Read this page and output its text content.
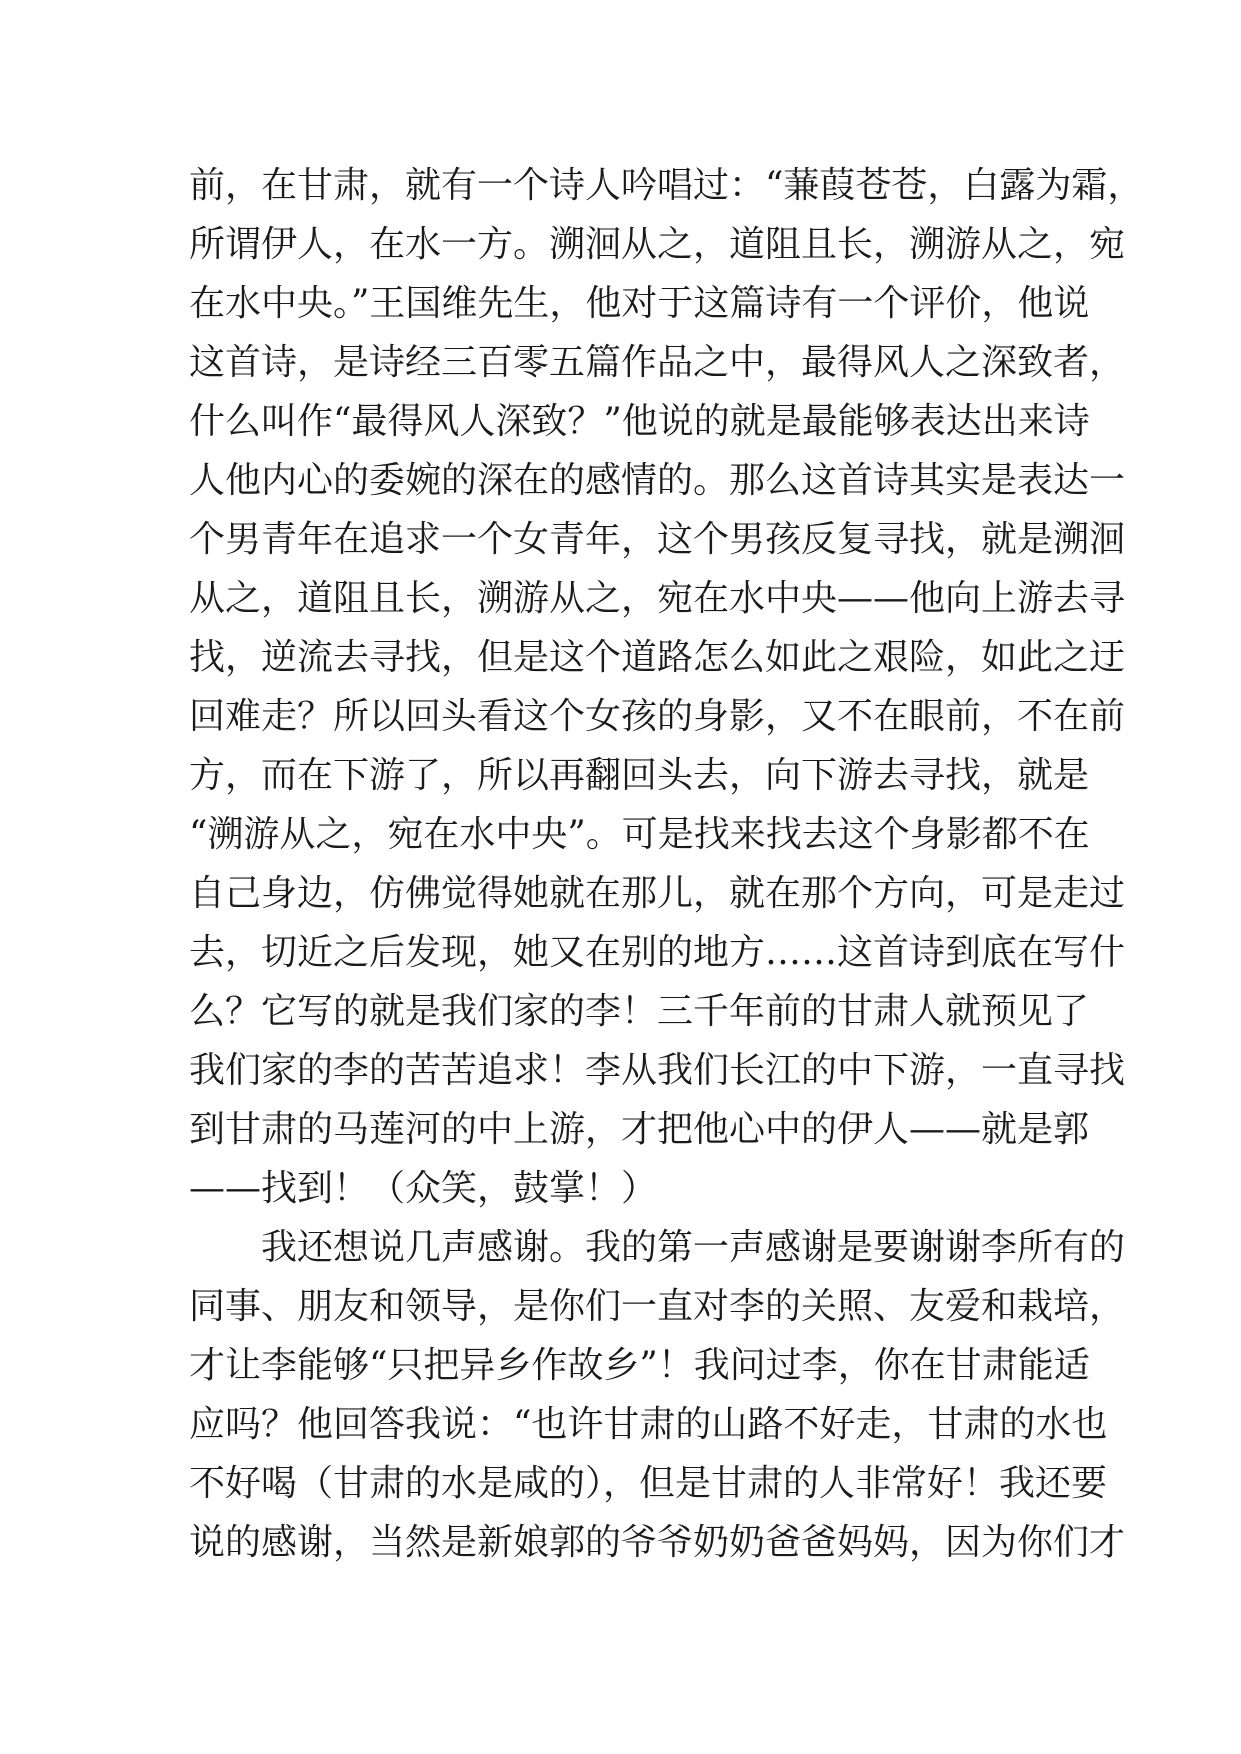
前，在甘肃，就有一个诗人吟唱过：“蒹葭苍苍，白露为霜，
所谓伊人，在水一方。溯洄从之，道阻且长，溯游从之，宛
在水中央。”王国维先生，他对于这篇诗有一个评价，他说
这首诗，是诗经三百零五篇作品之中，最得风人之深致者，
什么叫作“最得风人深致？”他说的就是最能够表达出来诗
人他内心的委婉的深在的感情的。那么这首诗其实是表达一
个男青年在追求一个女青年，这个男孩反复寻找，就是溯洄
从之，道阻且长，溯游从之，宛在水中央——他向上游去寻
找，逆流去寻找，但是这个道路怎么如此之艰险，如此之迂
回难走？所以回头看这个女孩的身影，又不在眼前，不在前
方，而在下游了，所以再翻回头去，向下游去寻找，就是
“溯游从之，宛在水中央”。可是找来找去这个身影都不在
自己身边，仿佛觉得她就在那儿，就在那个方向，可是走过
去，切近之后发现，她又在别的地方……这首诗到底在写什
么？它写的就是我们家的李！三千年前的甘肃人就预见了
我们家的李的苦苦追求！李从我们长江的中下游，一直寻找
到甘肃的马莲河的中上游，才把他心中的伊人——就是郭
——找到！（众笑，鼓掌！）
我还想说几声感谢。我的第一声感谢是要谢谢李所有的
同事、朋友和领导，是你们一直对李的关照、友爱和栽培，
才让李能够“只把异乡作故乡”！我问过李，你在甘肃能适
应吗？他回答我说：“也许甘肃的山路不好走，甘肃的水也
不好喝（甘肃的水是咸的），但是甘肃的人非常好！我还要
说的感谢，当然是新娘郭的爷爷奶奶爸爸妈妈，因为你们才
